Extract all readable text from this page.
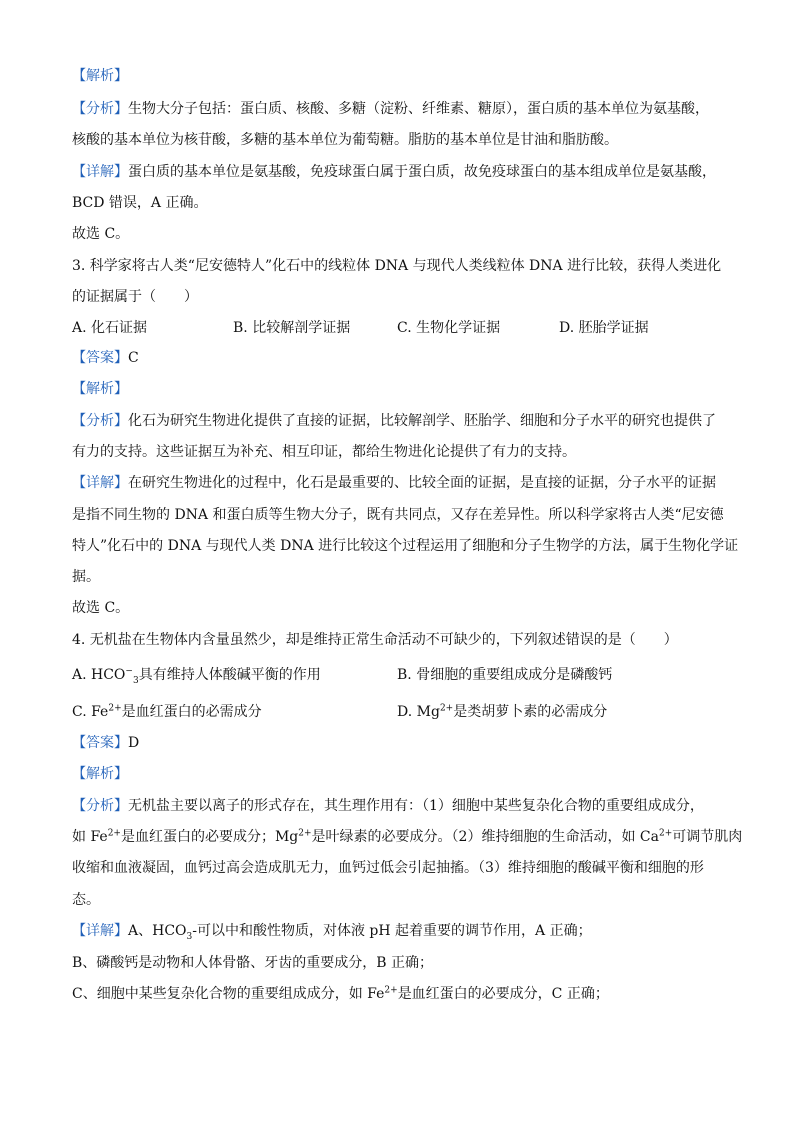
【解析】
【分析】生物大分子包括：蛋白质、核酸、多糖（淀粉、纤维素、糖原），蛋白质的基本单位为氨基酸，
核酸的基本单位为核苷酸，多糖的基本单位为葡萄糖。脂肪的基本单位是甘油和脂肪酸。
【详解】蛋白质的基本单位是氨基酸，免疫球蛋白属于蛋白质，故免疫球蛋白的基本组成单位是氨基酸，
BCD 错误，A 正确。
故选 C。
3. 科学家将古人类“尼安德特人”化石中的线粒体 DNA 与现代人类线粒体 DNA 进行比较，获得人类进化
的证据属于（　　）
A. 化石证据	B. 比较解剖学证据	C. 生物化学证据	D. 胚胎学证据
【答案】C
【解析】
【分析】化石为研究生物进化提供了直接的证据，比较解剖学、胚胎学、细胞和分子水平的研究也提供了
有力的支持。这些证据互为补充、相互印证，都给生物进化论提供了有力的支持。
【详解】在研究生物进化的过程中，化石是最重要的、比较全面的证据，是直接的证据，分子水平的证据
是指不同生物的 DNA 和蛋白质等生物大分子，既有共同点，又存在差异性。所以科学家将古人类“尼安德
特人”化石中的 DNA 与现代人类 DNA 进行比较这个过程运用了细胞和分子生物学的方法，属于生物化学证
据。
故选 C。
4. 无机盐在生物体内含量虽然少，却是维持正常生命活动不可缺少的，下列叙述错误的是（　　）
A. $HCO^-_3$具有维持人体酸碱平衡的作用	B. 骨细胞的重要组成成分是磷酸钙
C. $Fe^{2+}$是血红蛋白的必需成分	D. $Mg^{2+}$是类胡萝卜素的必需成分
【答案】D
【解析】
【分析】无机盐主要以离子的形式存在，其生理作用有：（1）细胞中某些复杂化合物的重要组成成分，
如 $Fe^{2+}$是血红蛋白的必要成分；$Mg^{2+}$是叶绿素的必要成分。（2）维持细胞的生命活动，如 $Ca^{2+}$可调节肌肉
收缩和血液凝固，血钙过高会造成肌无力，血钙过低会引起抽搐。（3）维持细胞的酸碱平衡和细胞的形
态。
【详解】A、$HCO_3-$可以中和酸性物质，对体液 pH 起着重要的调节作用，A 正确；
B、磷酸钙是动物和人体骨骼、牙齿的重要成分，B 正确；
C、细胞中某些复杂化合物的重要组成成分，如 $Fe^{2+}$是血红蛋白的必要成分，C 正确；
